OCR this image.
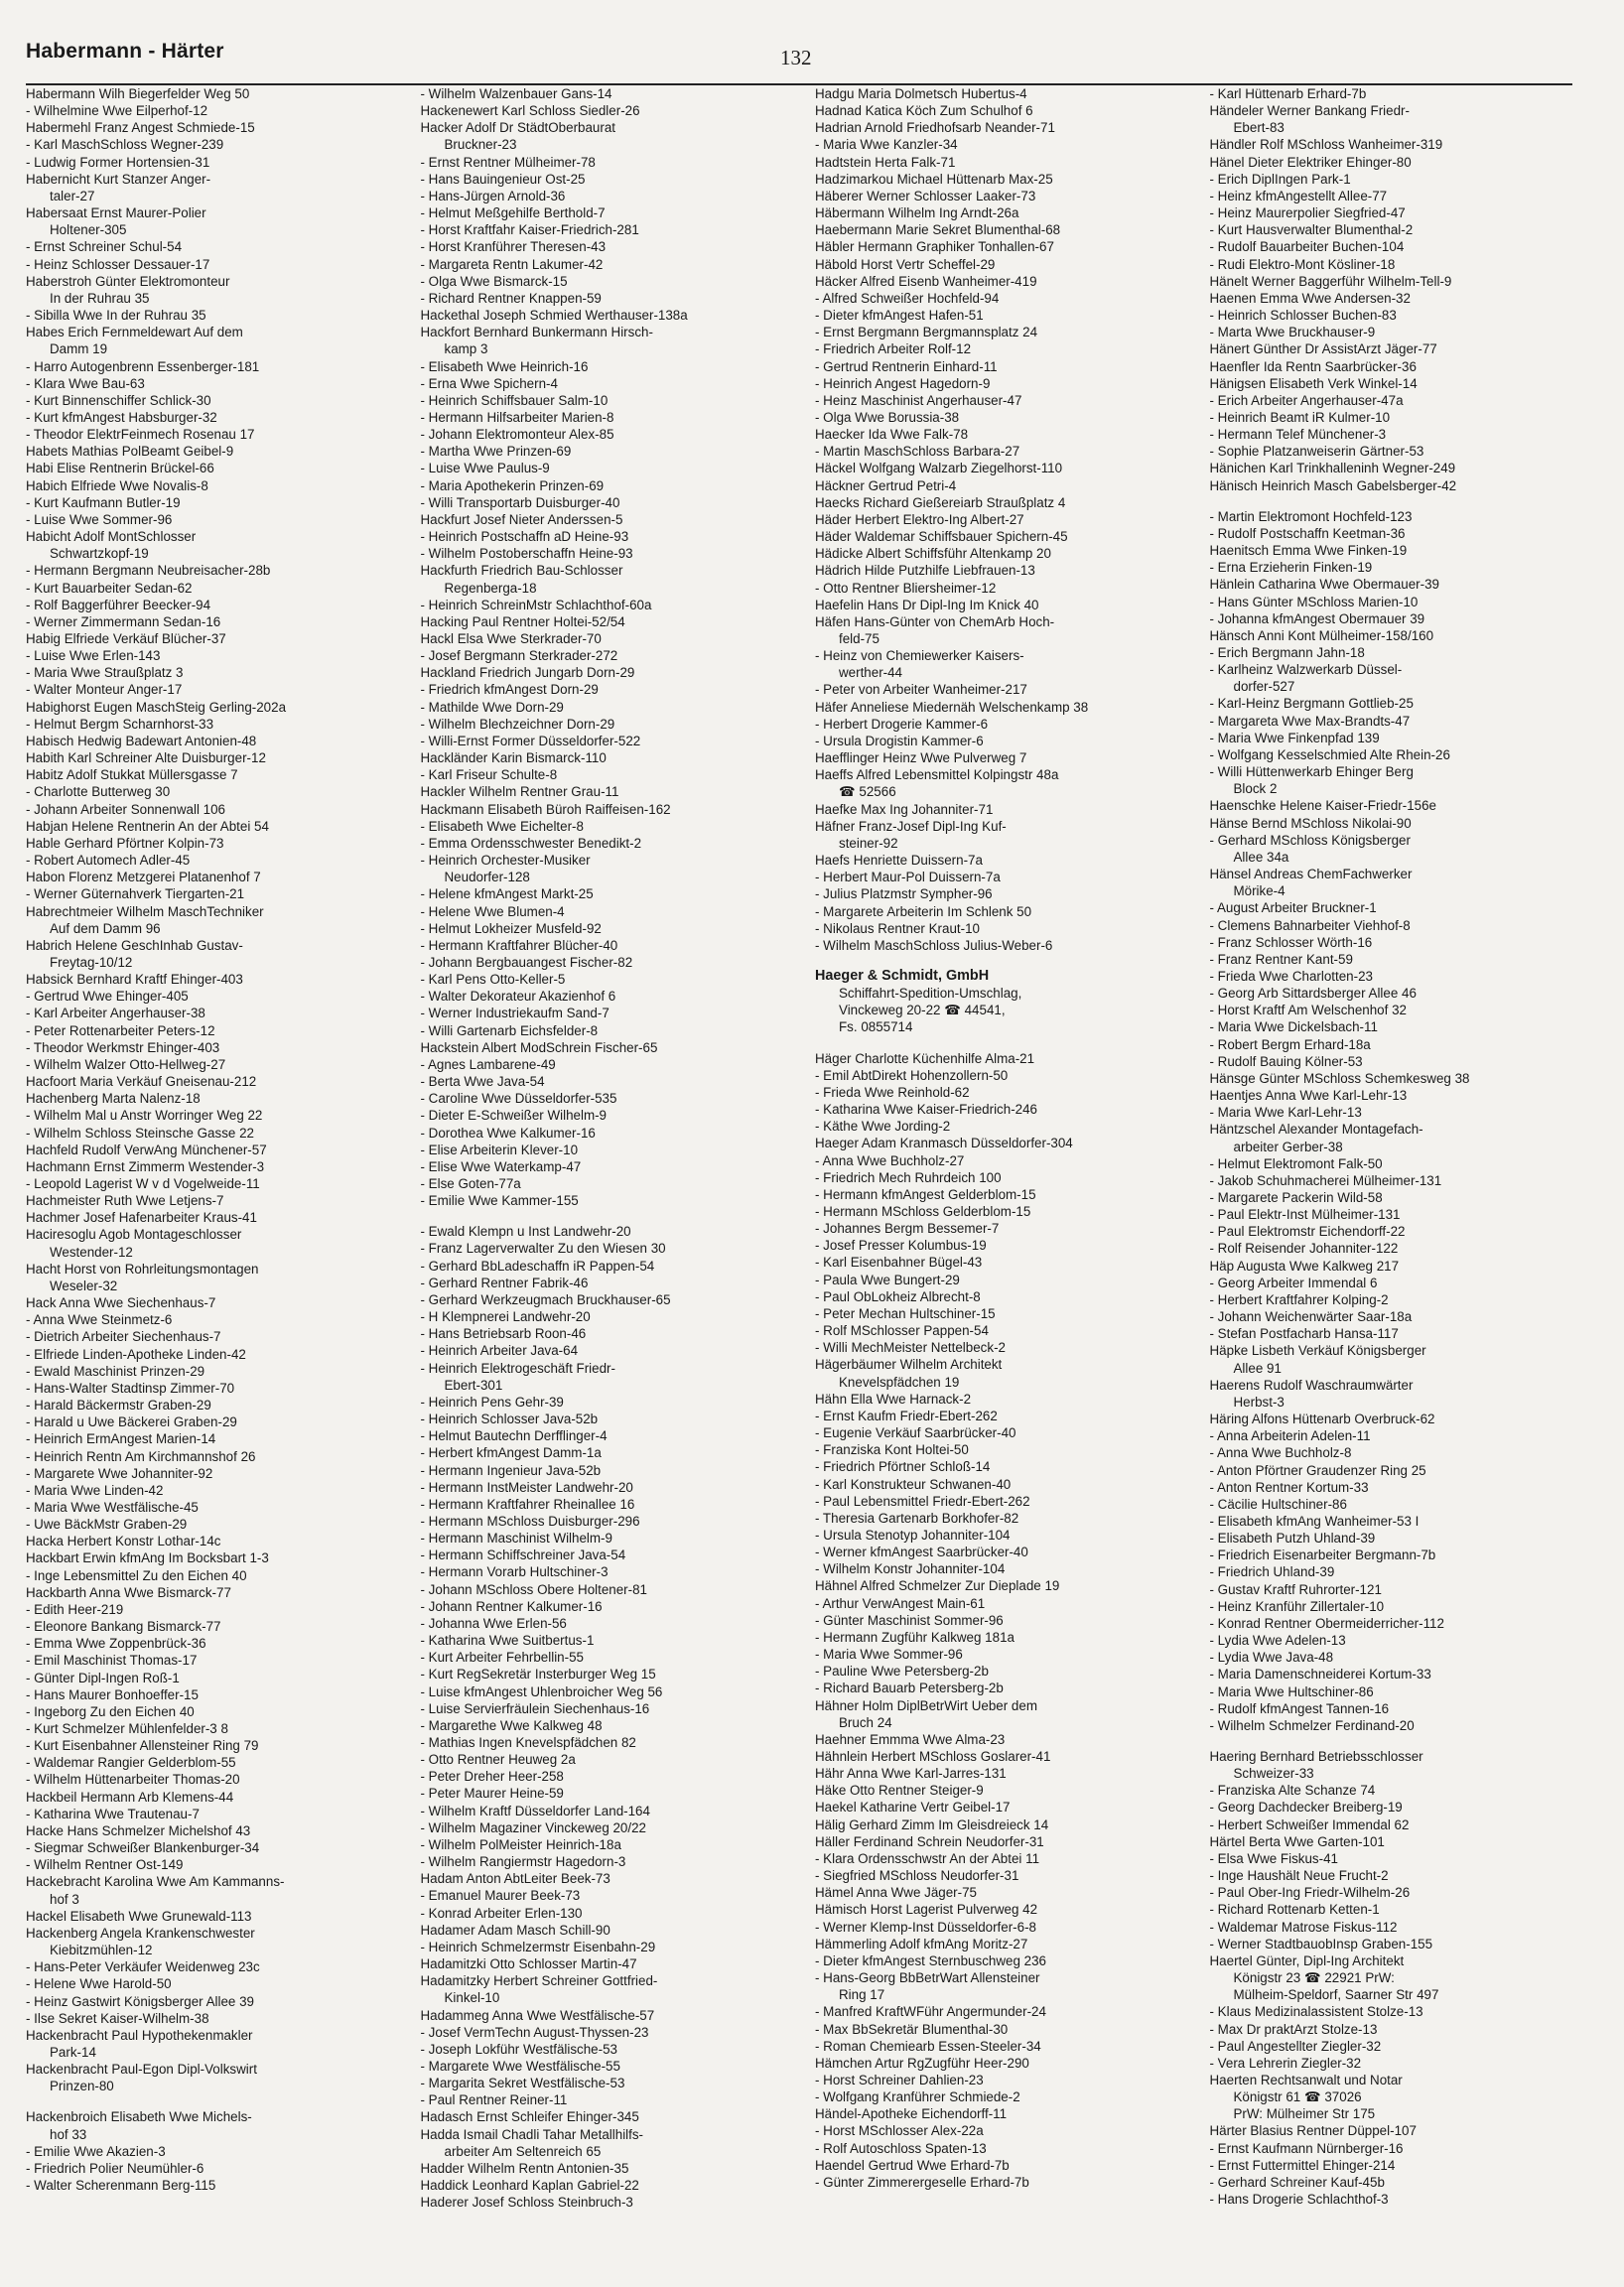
Habermann - Härter	132
Habermann Wilh Biegerfelder Weg 50
- Wilhelmine Wwe Eilperhof-12
Habermehl Franz Angest Schmiede-15
- Karl MaschSchloss Wegner-239
- Ludwig Former Hortensien-31
Habernicht Kurt Stanzer Anger-
taler-27
Habersaat Ernst Maurer-Polier
Holtener-305
- Ernst Schreiner Schul-54
- Heinz Schlosser Dessauer-17
Haberstroh Günter Elektromonteur
In der Ruhrau 35
- Sibilla Wwe In der Ruhrau 35
Habes Erich Fernmeldewart Auf dem
Damm 19
- Harro Autogenbrenn Essenberger-181
- Klara Wwe Bau-63
- Kurt Binnenschiffer Schlick-30
- Kurt kfmAngest Habsburger-32
- Theodor ElektrFeinmech Rosenau 17
Habets Mathias PolBeamt Geibel-9
Habi Elise Rentnerin Brückel-66
Habich Elfriede Wwe Novalis-8
- Kurt Kaufmann Butler-19
- Luise Wwe Sommer-96
Habicht Adolf MontSchlosser
Schwartzkopf-19
- Hermann Bergmann Neubreisacher-28b
- Kurt Bauarbeiter Sedan-62
- Rolf Baggerführer Beecker-94
- Werner Zimmermann Sedan-16
Habig Elfriede Verkäuf Blücher-37
- Luise Wwe Erlen-143
- Maria Wwe Straußplatz 3
- Walter Monteur Anger-17
Habighorst Eugen MaschSteig Gerling-202a
- Helmut Bergm Scharnhorst-33
Habisch Hedwig Badewart Antonien-48
Habith Karl Schreiner Alte Duisburger-12
Habitz Adolf Stukkat Müllersgasse 7
- Charlotte Butterweg 30
- Johann Arbeiter Sonnenwall 106
Habjan Helene Rentnerin An der Abtei 54
Hable Gerhard Pförtner Kolpin-73
- Robert Automech Adler-45
Habon Florenz Metzgerei Platanenhof 7
- Werner Güternahverk Tiergarten-21
Habrechtmeier Wilhelm MaschTechniker
Auf dem Damm 96
Habrich Helene GeschInhab Gustav-
Freytag-10/12
Habsick Bernhard Kraftf Ehinger-403
- Gertrud Wwe Ehinger-405
- Karl Arbeiter Angerhauser-38
- Peter Rottenarbeiter Peters-12
- Theodor Werkmstr Ehinger-403
- Wilhelm Walzer Otto-Hellweg-27
Hacfoort Maria Verkäuf Gneisenau-212
Hachenberg Marta Nalenz-18
- Wilhelm Mal u Anstr Worringer Weg 22
- Wilhelm Schloss Steinsche Gasse 22
Hachfeld Rudolf VerwAng Münchener-57
Hachmann Ernst Zimmerm Westender-3
- Leopold Lagerist W v d Vogelweide-11
Hachmeister Ruth Wwe Letjens-7
Hachmer Josef Hafenarbeiter Kraus-41
Haciresoglu Agob Montageschlosser
Westender-12
Hacht Horst von Rohrleitungsmontagen
Weseler-32
Hack Anna Wwe Siechenhaus-7
- Anna Wwe Steinmetz-6
- Dietrich Arbeiter Siechenhaus-7
- Elfriede Linden-Apotheke Linden-42
- Ewald Maschinist Prinzen-29
- Hans-Walter Stadtinsp Zimmer-70
- Harald Bäckermstr Graben-29
- Harald u Uwe Bäckerei Graben-29
- Heinrich ErmAngest Marien-14
- Heinrich Rentn Am Kirchmannshof 26
- Margarete Wwe Johanniter-92
- Maria Wwe Linden-42
- Maria Wwe Westfälische-45
- Uwe BäckMstr Graben-29
Hacka Herbert Konstr Lothar-14c
Hackbart Erwin kfmAng Im Bocksbart 1-3
- Inge Lebensmittel Zu den Eichen 40
Hackbarth Anna Wwe Bismarck-77
- Edith Heer-219
- Eleonore Bankang Bismarck-77
- Emma Wwe Zoppenbrück-36
- Emil Maschinist Thomas-17
- Günter Dipl-Ingen Roß-1
- Hans Maurer Bonhoeffer-15
- Ingeborg Zu den Eichen 40
- Kurt Schmelzer Mühlenfelder-3 8
- Kurt Eisenbahner Allensteiner Ring 79
- Waldemar Rangier Gelderblom-55
- Wilhelm Hüttenarbeiter Thomas-20
Hackbeil Hermann Arb Klemens-44
- Katharina Wwe Trautenau-7
Hacke Hans Schmelzer Michelshof 43
- Siegmar Schweißer Blankenburger-34
- Wilhelm Rentner Ost-149
Hackebracht Karolina Wwe Am Kammanns-
hof 3
Hackel Elisabeth Wwe Grunewald-113
Hackenberg Angela Krankenschwester
Kiebitzmühlen-12
- Hans-Peter Verkäufer Weidenweg 23c
- Helene Wwe Harold-50
- Heinz Gastwirt Königsberger Allee 39
- Ilse Sekret Kaiser-Wilhelm-38
Hackenbracht Paul Hypothekenmakler
Park-14
Hackenbracht Paul-Egon Dipl-Volkswirt
Prinzen-80
Hackenbroich Elisabeth Wwe Michels-
hof 33
- Emilie Wwe Akazien-3
- Friedrich Polier Neumühler-6
- Walter Scherenmann Berg-115
- Wilhelm Walzenbauer Gans-14
Hackenewert Karl Schloss Siedler-26
Hacker Adolf Dr StädtOberbaurat
Bruckner-23
- Ernst Rentner Mülheimer-78
- Hans Bauingenieur Ost-25
- Hans-Jürgen Arnold-36
- Helmut Meßgehilfe Berthold-7
- Horst Kraftfahr Kaiser-Friedrich-281
- Horst Kranführer Theresen-43
- Margareta Rentn Lakumer-42
- Olga Wwe Bismarck-15
- Richard Rentner Knappen-59
Hackethal Joseph Schmied Werthauser-138a
Hackfort Bernhard Bunkermann Hirsch-
kamp 3
- Elisabeth Wwe Heinrich-16
- Erna Wwe Spichern-4
- Heinrich Schiffsbauer Salm-10
- Hermann Hilfsarbeiter Marien-8
- Johann Elektromonteur Alex-85
- Martha Wwe Prinzen-69
- Luise Wwe Paulus-9
- Maria Apothekerin Prinzen-69
- Willi Transportarb Duisburger-40
Hackfurt Josef Nieter Anderssen-5
- Heinrich Postschaffn aD Heine-93
- Wilhelm Postoberschaffn Heine-93
Hackfurth Friedrich Bau-Schlosser
Regenberga-18
- Heinrich SchreinMstr Schlachthof-60a
Hacking Paul Rentner Holtei-52/54
Hackl Elsa Wwe Sterkrader-70
- Josef Bergmann Sterkrader-272
Hackland Friedrich Jungarb Dorn-29
- Friedrich kfmAngest Dorn-29
- Mathilde Wwe Dorn-29
- Wilhelm Blechzeichner Dorn-29
- Willi-Ernst Former Düsseldorfer-522
Hackländer Karin Bismarck-110
- Karl Friseur Schulte-8
Hackler Wilhelm Rentner Grau-11
Hackmann Elisabeth Büroh Raiffeisen-162
- Elisabeth Wwe Eichelter-8
- Emma Ordensschwester Benedikt-2
- Heinrich Orchester-Musiker
Neudorfer-128
- Helene kfmAngest Markt-25
- Helene Wwe Blumen-4
- Helmut Lokheizer Musfeld-92
- Hermann Kraftfahrer Blücher-40
- Johann Bergbauangest Fischer-82
- Karl Pens Otto-Keller-5
- Walter Dekorateur Akazienhof 6
- Werner Industriekaufm Sand-7
- Willi Gartenarb Eichsfelder-8
Hackstein Albert ModSchrein Fischer-65
- Agnes Lambarene-49
- Berta Wwe Java-54
- Caroline Wwe Düsseldorfer-535
- Dieter E-Schweißer Wilhelm-9
- Dorothea Wwe Kalkumer-16
- Elise Arbeiterin Klever-10
- Elise Wwe Waterkamp-47
- Else Goten-77a
- Emilie Wwe Kammer-155
- Ewald Klempn u Inst Landwehr-20
- Franz Lagerverwalter Zu den Wiesen 30
- Gerhard BbLadeschaffn iR Pappen-54
- Gerhard Rentner Fabrik-46
- Gerhard Werkzeugmach Bruckhauser-65
- H Klempnerei Landwehr-20
- Hans Betriebsarb Roon-46
- Heinrich Arbeiter Java-64
- Heinrich Elektrogeschäft Friedr-
Ebert-301
- Heinrich Pens Gehr-39
- Heinrich Schlosser Java-52b
- Helmut Bautechn Derfflinger-4
- Herbert kfmAngest Damm-1a
- Hermann Ingenieur Java-52b
- Hermann InstMeister Landwehr-20
- Hermann Kraftfahrer Rheinallee 16
- Hermann MSchloss Duisburger-296
- Hermann Maschinist Wilhelm-9
- Hermann Schiffschreiner Java-54
- Hermann Vorarb Hultschiner-3
- Johann MSchloss Obere Holtener-81
- Johann Rentner Kalkumer-16
- Johanna Wwe Erlen-56
- Katharina Wwe Suitbertus-1
- Kurt Arbeiter Fehrbellin-55
- Kurt RegSekretär Insterburger Weg 15
- Luise kfmAngest Uhlenbroicher Weg 56
- Luise Servierfräulein Siechenhaus-16
- Margarethe Wwe Kalkweg 48
- Mathias Ingen Knevelspfädchen 82
- Otto Rentner Heuweg 2a
- Peter Dreher Heer-258
- Peter Maurer Heine-59
- Wilhelm Kraftf Düsseldorfer Land-164
- Wilhelm Magaziner Vinckeweg 20/22
- Wilhelm PolMeister Heinrich-18a
- Wilhelm Rangiermstr Hagedorn-3
Hadam Anton AbtLeiter Beek-73
- Emanuel Maurer Beek-73
- Konrad Arbeiter Erlen-130
Hadamer Adam Masch Schill-90
- Heinrich Schmelzermstr Eisenbahn-29
Hadamitzki Otto Schlosser Martin-47
Hadamitzky Herbert Schreiner Gottfried-
Kinkel-10
Hadammeg Anna Wwe Westfälische-57
- Josef VermTechn August-Thyssen-23
- Joseph Lokführ Westfälische-53
- Margarete Wwe Westfälische-55
- Margarita Sekret Westfälische-53
- Paul Rentner Reiner-11
Hadasch Ernst Schleifer Ehinger-345
Hadda Ismail Chadli Tahar Metallhilfs-
arbeiter Am Seltenreich 65
Hadder Wilhelm Rentn Antonien-35
Haddick Leonhard Kaplan Gabriel-22
Haderer Josef Schloss Steinbruch-3
Hadgu Maria Dolmetsch Hubertus-4
Hadnad Katica Köch Zum Schulhof 6
Hadrian Arnold Friedhofsarb Neander-71
- Maria Wwe Kanzler-34
Hadtstein Herta Falk-71
Hadzimarkou Michael Hüttenarb Max-25
Häberer Werner Schlosser Laaker-73
Häbermann Wilhelm Ing Arndt-26a
Haebermann Marie Sekret Blumenthal-68
Häbler Hermann Graphiker Tonhallen-67
Häbold Horst Vertr Scheffel-29
Häcker Alfred Eisenb Wanheimer-419
- Alfred Schweißer Hochfeld-94
- Dieter kfmAngest Hafen-51
- Ernst Bergmann Bergmannsplatz 24
- Friedrich Arbeiter Rolf-12
- Gertrud Rentnerin Einhard-11
- Heinrich Angest Hagedorn-9
- Heinz Maschinist Angerhauser-47
- Olga Wwe Borussia-38
Haecker Ida Wwe Falk-78
- Martin MaschSchloss Barbara-27
Häckel Wolfgang Walzarb Ziegelhorst-110
Häckner Gertrud Petri-4
Haecks Richard Gießereiarb Straußplatz 4
Häder Herbert Elektro-Ing Albert-27
Häder Waldemar Schiffsbauer Spichern-45
Hädicke Albert Schiffsführ Altenkamp 20
Hädrich Hilde Putzhilfe Liebfrauen-13
- Otto Rentner Bliersheimer-12
Haefelin Hans Dr Dipl-Ing Im Knick 40
Häfen Hans-Günter von ChemArb Hoch-
feld-75
- Heinz von Chemiewerker Kaisers-
werther-44
- Peter von Arbeiter Wanheimer-217
Häfer Anneliese Miedernäh Welschenkamp 38
- Herbert Drogerie Kammer-6
- Ursula Drogistin Kammer-6
Haefflinger Heinz Wwe Pulverweg 7
Haeffs Alfred Lebensmittel Kolpingstr 48a
☎ 52566
Haefke Max Ing Johanniter-71
Häfner Franz-Josef Dipl-Ing Kuf-
steiner-92
Haefs Henriette Duissern-7a
- Herbert Maur-Pol Duissern-7a
- Julius Platzmstr Sympher-96
- Margarete Arbeiterin Im Schlenk 50
- Nikolaus Rentner Kraut-10
- Wilhelm MaschSchloss Julius-Weber-6
Haeger & Schmidt, GmbH
Schiffahrt-Spedition-Umschlag,
Vinckeweg 20-22 ☎ 44541,
Fs. 0855714
Häger Charlotte Küchenhilfe Alma-21
- Emil AbtDirekt Hohenzollern-50
- Frieda Wwe Reinhold-62
- Katharina Wwe Kaiser-Friedrich-246
- Käthe Wwe Jording-2
Haeger Adam Kranmasch Düsseldorfer-304
- Anna Wwe Buchholz-27
- Friedrich Mech Ruhrdeich 100
- Hermann kfmAngest Gelderblom-15
- Hermann MSchloss Gelderblom-15
- Johannes Bergm Bessemer-7
- Josef Presser Kolumbus-19
- Karl Eisenbahner Bügel-43
- Paula Wwe Bungert-29
- Paul ObLokheiz Albrecht-8
- Peter Mechan Hultschiner-15
- Rolf MSchlosser Pappen-54
- Willi MechMeister Nettelbeck-2
Hägerbäumer Wilhelm Architekt
Knevelspfädchen 19
Hähn Ella Wwe Harnack-2
- Ernst Kaufm Friedr-Ebert-262
- Eugenie Verkäuf Saarbrücker-40
- Franziska Kont Holtei-50
- Friedrich Pförtner Schloß-14
- Karl Konstrukteur Schwanen-40
- Paul Lebensmittel Friedr-Ebert-262
- Theresia Gartenarb Borkhofer-82
- Ursula Stenotyp Johanniter-104
- Werner kfmAngest Saarbrücker-40
- Wilhelm Konstr Johanniter-104
Hähnel Alfred Schmelzer Zur Dieplade 19
- Arthur VerwAngest Main-61
- Günter Maschinist Sommer-96
- Hermann Zugführ Kalkweg 181a
- Maria Wwe Sommer-96
- Pauline Wwe Petersberg-2b
- Richard Bauarb Petersberg-2b
Hähner Holm DiplBetrWirt Ueber dem
Bruch 24
Haehner Emmma Wwe Alma-23
Hähnlein Herbert MSchloss Goslarer-41
Hähr Anna Wwe Karl-Jarres-131
Häke Otto Rentner Steiger-9
Haekel Katharine Vertr Geibel-17
Hälig Gerhard Zimm Im Gleisdreieck 14
Häller Ferdinand Schrein Neudorfer-31
- Klara Ordensschwstr An der Abtei 11
- Siegfried MSchloss Neudorfer-31
Hämel Anna Wwe Jäger-75
Hämisch Horst Lagerist Pulverweg 42
- Werner Klemp-Inst Düsseldorfer-6-8
Hämmerling Adolf kfmAng Moritz-27
- Dieter kfmAngest Sternbuschweg 236
- Hans-Georg BbBetrWart Allensteiner
Ring 17
- Manfred KraftWFühr Angermunder-24
- Max BbSekretär Blumenthal-30
- Roman Chemiearb Essen-Steeler-34
Hämchen Artur RgZugführ Heer-290
- Horst Schreiner Dahlien-23
- Wolfgang Kranführer Schmiede-2
Händel-Apotheke Eichendorff-11
- Horst MSchlosser Alex-22a
- Rolf Autoschloss Spaten-13
Haendel Gertrud Wwe Erhard-7b
- Günter Zimmerergeselle Erhard-7b
- Karl Hüttenarb Erhard-7b
Händeler Werner Bankang Friedr-
Ebert-83
Händler Rolf MSchloss Wanheimer-319
Hänel Dieter Elektriker Ehinger-80
- Erich DiplIngen Park-1
- Heinz kfmAngestellt Allee-77
- Heinz Maurerpolier Siegfried-47
- Kurt Hausverwalter Blumenthal-2
- Rudolf Bauarbeiter Buchen-104
- Rudi Elektro-Mont Kösliner-18
Hänelt Werner Baggerführ Wilhelm-Tell-9
Haenen Emma Wwe Andersen-32
- Heinrich Schlosser Buchen-83
- Marta Wwe Bruckhauser-9
Hänert Günther Dr AssistArzt Jäger-77
Haenfler Ida Rentn Saarbrücker-36
Hänigsen Elisabeth Verk Winkel-14
- Erich Arbeiter Angerhauser-47a
- Heinrich Beamt iR Kulmer-10
- Hermann Telef Münchener-3
- Sophie Platzanweiserin Gärtner-53
Hänichen Karl Trinkhalleninh Wegner-249
Hänisch Heinrich Masch Gabelsberger-42
- Martin Elektromont Hochfeld-123
- Rudolf Postschaffn Keetman-36
Haenitsch Emma Wwe Finken-19
- Erna Erzieherin Finken-19
Hänlein Catharina Wwe Obermauer-39
- Hans Günter MSchloss Marien-10
- Johanna kfmAngest Obermauer 39
Hänsch Anni Kont Mülheimer-158/160
- Erich Bergmann Jahn-18
- Karlheinz Walzwerkarb Düssel-
dorfer-527
- Karl-Heinz Bergmann Gottlieb-25
- Margareta Wwe Max-Brandts-47
- Maria Wwe Finkenpfad 139
- Wolfgang Kesselschmied Alte Rhein-26
- Willi Hüttenwerkarb Ehinger Berg
Block 2
Haenschke Helene Kaiser-Friedr-156e
Hänse Bernd MSchloss Nikolai-90
- Gerhard MSchloss Königsberger
Allee 34a
Hänsel Andreas ChemFachwerker
Mörike-4
- August Arbeiter Bruckner-1
- Clemens Bahnarbeiter Viehhof-8
- Franz Schlosser Wörth-16
- Franz Rentner Kant-59
- Frieda Wwe Charlotten-23
- Georg Arb Sittardsberger Allee 46
- Horst Kraftf Am Welschenhof 32
- Maria Wwe Dickelsbach-11
- Robert Bergm Erhard-18a
- Rudolf Bauing Kölner-53
Hänsge Günter MSchloss Schemkesweg 38
Haentjes Anna Wwe Karl-Lehr-13
- Maria Wwe Karl-Lehr-13
Häntzschel Alexander Montagefach-
arbeiter Gerber-38
- Helmut Elektromont Falk-50
- Jakob Schuhmacherei Mülheimer-131
- Margarete Packerin Wild-58
- Paul Elektr-Inst Mülheimer-131
- Paul Elektromstr Eichendorff-22
- Rolf Reisender Johanniter-122
Häp Augusta Wwe Kalkweg 217
- Georg Arbeiter Immendal 6
- Herbert Kraftfahrer Kolping-2
- Johann Weichenwärter Saar-18a
- Stefan Postfacharb Hansa-117
Häpke Lisbeth Verkäuf Königsberger
Allee 91
Haerens Rudolf Waschraumwärter
Herbst-3
Häring Alfons Hüttenarb Overbruck-62
- Anna Arbeiterin Adelen-11
- Anna Wwe Buchholz-8
- Anton Pförtner Graudenzer Ring 25
- Anton Rentner Kortum-33
- Cäcilie Hultschiner-86
- Elisabeth kfmAng Wanheimer-53 I
- Elisabeth Putzh Uhland-39
- Friedrich Eisenarbeiter Bergmann-7b
- Friedrich Uhland-39
- Gustav Kraftf Ruhrorter-121
- Heinz Kranführ Zillertaler-10
- Konrad Rentner Obermeiderricher-112
- Lydia Wwe Adelen-13
- Lydia Wwe Java-48
- Maria Damenschneiderei Kortum-33
- Maria Wwe Hultschiner-86
- Rudolf kfmAngest Tannen-16
- Wilhelm Schmelzer Ferdinand-20
Haering Bernhard Betriebsschlosser
Schweizer-33
- Franziska Alte Schanze 74
- Georg Dachdecker Breiberg-19
- Herbert Schweißer Immendal 62
Härtel Berta Wwe Garten-101
- Elsa Wwe Fiskus-41
- Inge Haushält Neue Frucht-2
- Paul Ober-Ing Friedr-Wilhelm-26
- Richard Rottenarb Ketten-1
- Waldemar Matrose Fiskus-112
- Werner StadtbauobInsp Graben-155
Haertel Günter, Dipl-Ing Architekt
Königstr 23 ☎ 22921 PrW:
Mülheim-Speldorf, Saarner Str 497
- Klaus Medizinalassistent Stolze-13
- Max Dr praktArzt Stolze-13
- Paul Angestellter Ziegler-32
- Vera Lehrerin Ziegler-32
Haerten Rechtsanwalt und Notar
Königstr 61 ☎ 37026
PrW: Mülheimer Str 175
Härter Blasius Rentner Düppel-107
- Ernst Kaufmann Nürnberger-16
- Ernst Futtermittel Ehinger-214
- Gerhard Schreiner Kauf-45b
- Hans Drogerie Schlachthof-3
